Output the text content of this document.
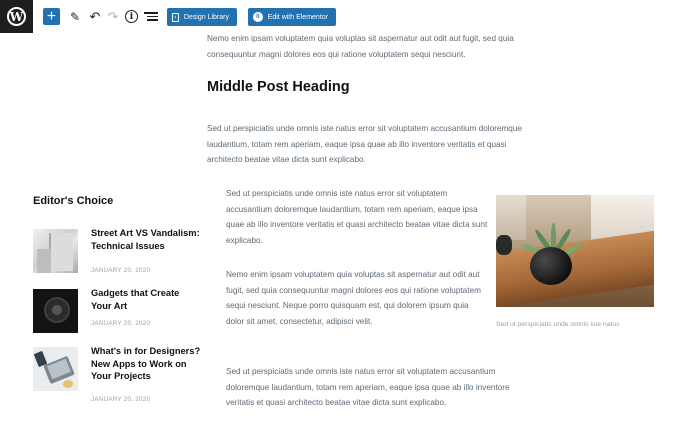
W + ✎ ↶ ↷ i	‹	Design Library	ll	Edit with Elementor

Nemo enim ipsam voluptatem quia voluptas sit aspernatur aut odit aut fugit, sed quia consequuntur magni dolores eos qui ratione voluptatem sequi nesciunt.

Middle Post Heading

Sed ut perspiciatis unde omnis iste natus error sit voluptatem accusantium doloremque laudantium, totam rem aperiam, eaque ipsa quae ab illo inventore veritatis et quasi architecto beatae vitae dicta sunt explicabo.

Editor's Choice
Street Art VS Vandalism: Technical Issues
JANUARY 20, 2020
Gadgets that Create Your Art
JANUARY 20, 2020
What's in for Designers? New Apps to Work on Your Projects
JANUARY 20, 2020

Sed ut perspiciatis unde omnis iste natus error sit voluptatem accusantium doloremque laudantium, totam rem aperiam, eaque ipsa quae ab illo inventore veritatis et quasi architecto beatae vitae dicta sunt explicabo.

Nemo enim ipsam voluptatem quia voluptas sit aspernatur aut odit aut fugit, sed quia consequuntur magni dolores eos qui ratione voluptatem sequi nesciunt. Neque porro quisquam est, qui dolorem ipsum quia dolor sit amet, consectetur, adipisci velit.

Sed ut perspiciatis unde omnis iste natus error sit voluptatem accusantium doloremque laudantium, totam rem aperiam, eaque ipsa quae ab illo inventore veritatis et quasi architecto beatae vitae dicta sunt explicabo.

Sed ut perspiciatis unde omnis iste natus
